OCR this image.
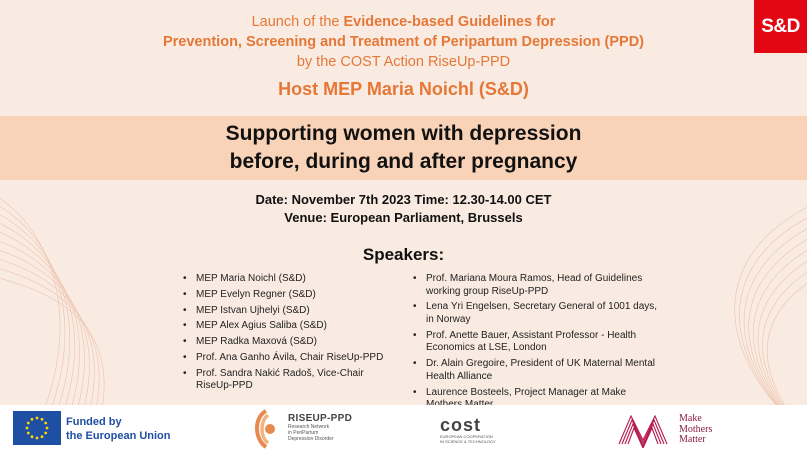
S&D
Launch of the Evidence-based Guidelines for
Prevention, Screening and Treatment of Peripartum Depression (PPD)
by the COST Action RiseUp-PPD
Host MEP Maria Noichl (S&D)
Supporting women with depression
before, during and after pregnancy
Date: November 7th 2023 Time: 12.30-14.00 CET
Venue: European Parliament, Brussels
Speakers:
• MEP Maria Noichl (S&D)
• MEP Evelyn Regner (S&D)
• MEP Istvan Ujhelyi (S&D)
• MEP Alex Agius Saliba (S&D)
• MEP Radka Maxová (S&D)
• Prof. Ana Ganho Ávila, Chair RiseUp-PPD
• Prof. Sandra Nakić Radoš, Vice-Chair RiseUp-PPD
• Prof. Mariana Moura Ramos, Head of Guidelines working group RiseUp-PPD
• Lena Yri Engelsen, Secretary General of 1001 days, in Norway
• Prof. Anette Bauer, Assistant Professor - Health Economics at LSE, London
• Dr. Alain Gregoire, President of UK Maternal Mental Health Alliance
• Laurence Bosteels, Project Manager at Make
Funded by
the European Union
RISEUP-PPD
Research Network
in PeriPartum
Depression Disorder
cost
EUROPEAN COOPERATION
IN SCIENCE & TECHNOLOGY
Make
Mothers
Matter
